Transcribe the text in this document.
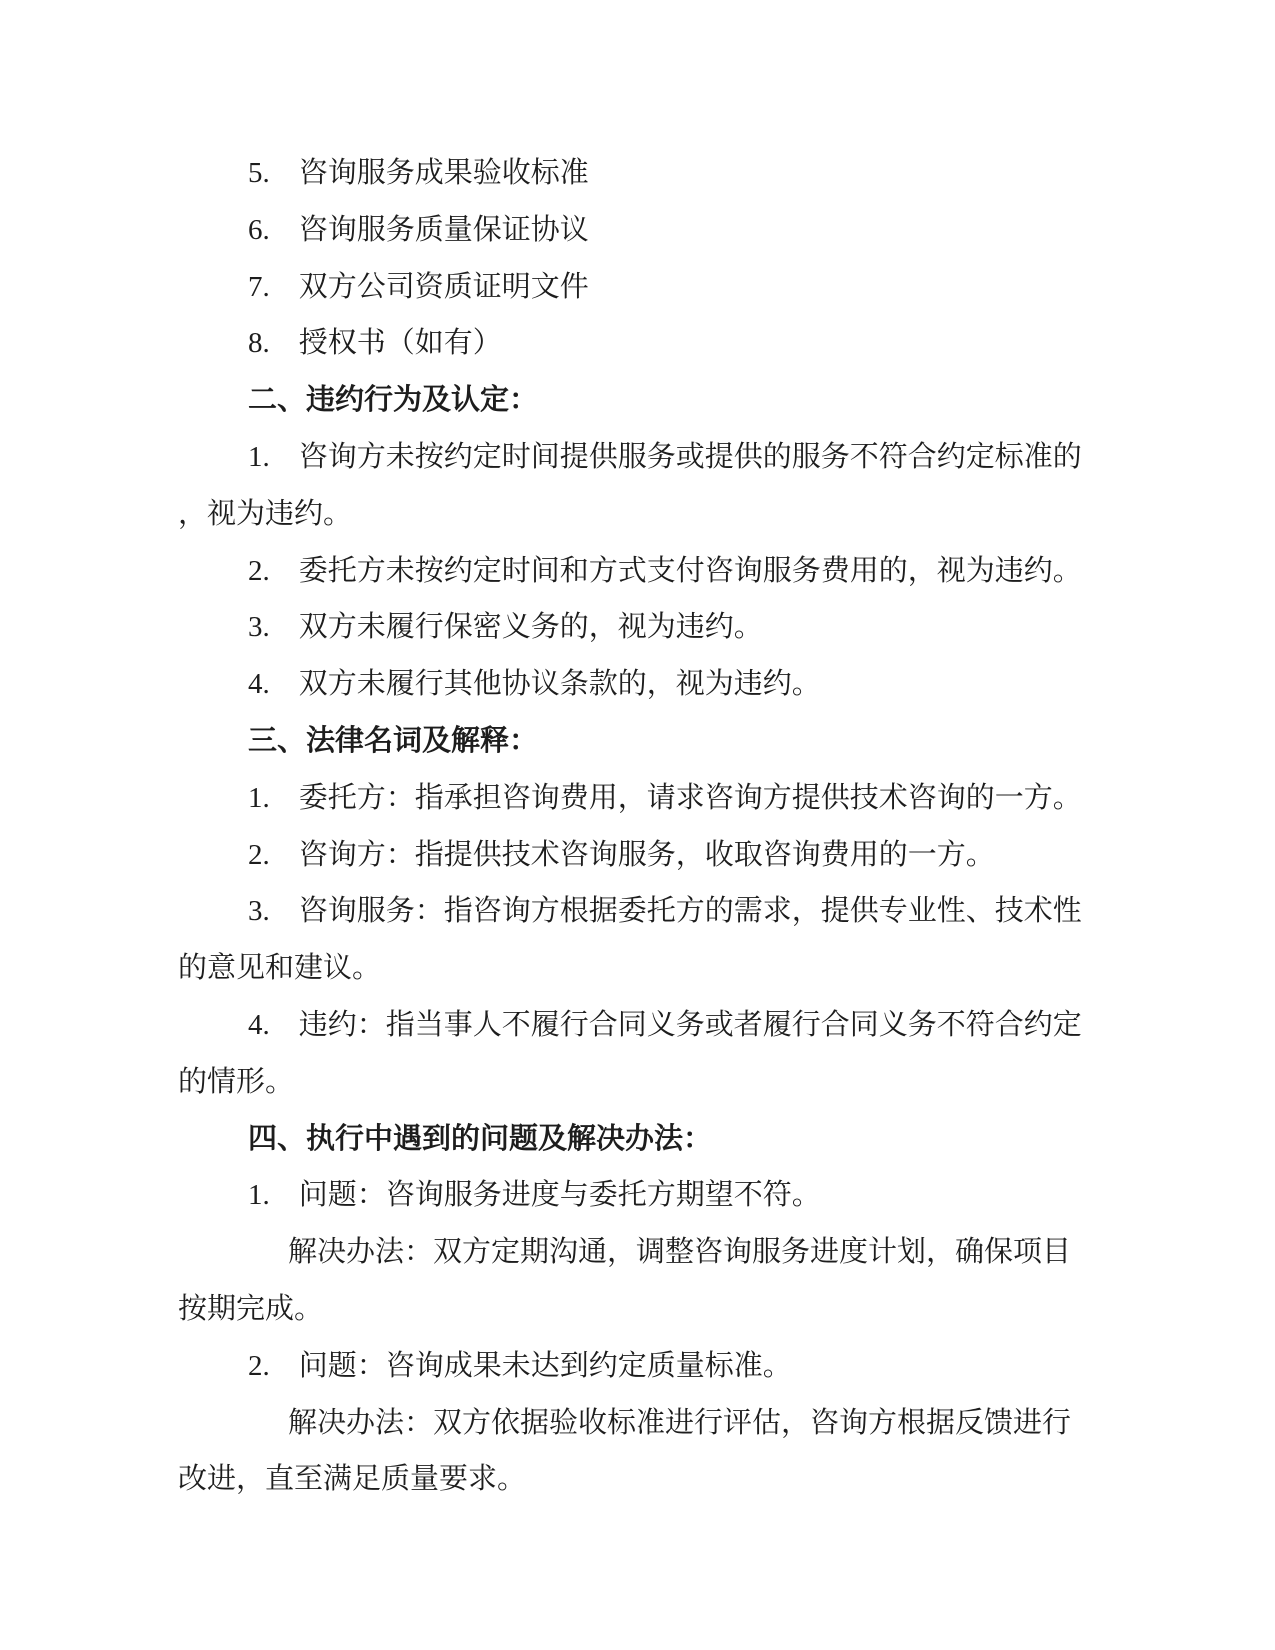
5.　咨询服务成果验收标准
6.　咨询服务质量保证协议
7.　双方公司资质证明文件
8.　授权书（如有）
二、违约行为及认定：
1.　咨询方未按约定时间提供服务或提供的服务不符合约定标准的
，视为违约。
2.　委托方未按约定时间和方式支付咨询服务费用的，视为违约。
3.　双方未履行保密义务的，视为违约。
4.　双方未履行其他协议条款的，视为违约。
三、法律名词及解释：
1.　委托方：指承担咨询费用，请求咨询方提供技术咨询的一方。
2.　咨询方：指提供技术咨询服务，收取咨询费用的一方。
3.　咨询服务：指咨询方根据委托方的需求，提供专业性、技术性
的意见和建议。
4.　违约：指当事人不履行合同义务或者履行合同义务不符合约定
的情形。
四、执行中遇到的问题及解决办法：
1.　问题：咨询服务进度与委托方期望不符。
解决办法：双方定期沟通，调整咨询服务进度计划，确保项目
按期完成。
2.　问题：咨询成果未达到约定质量标准。
解决办法：双方依据验收标准进行评估，咨询方根据反馈进行
改进，直至满足质量要求。
